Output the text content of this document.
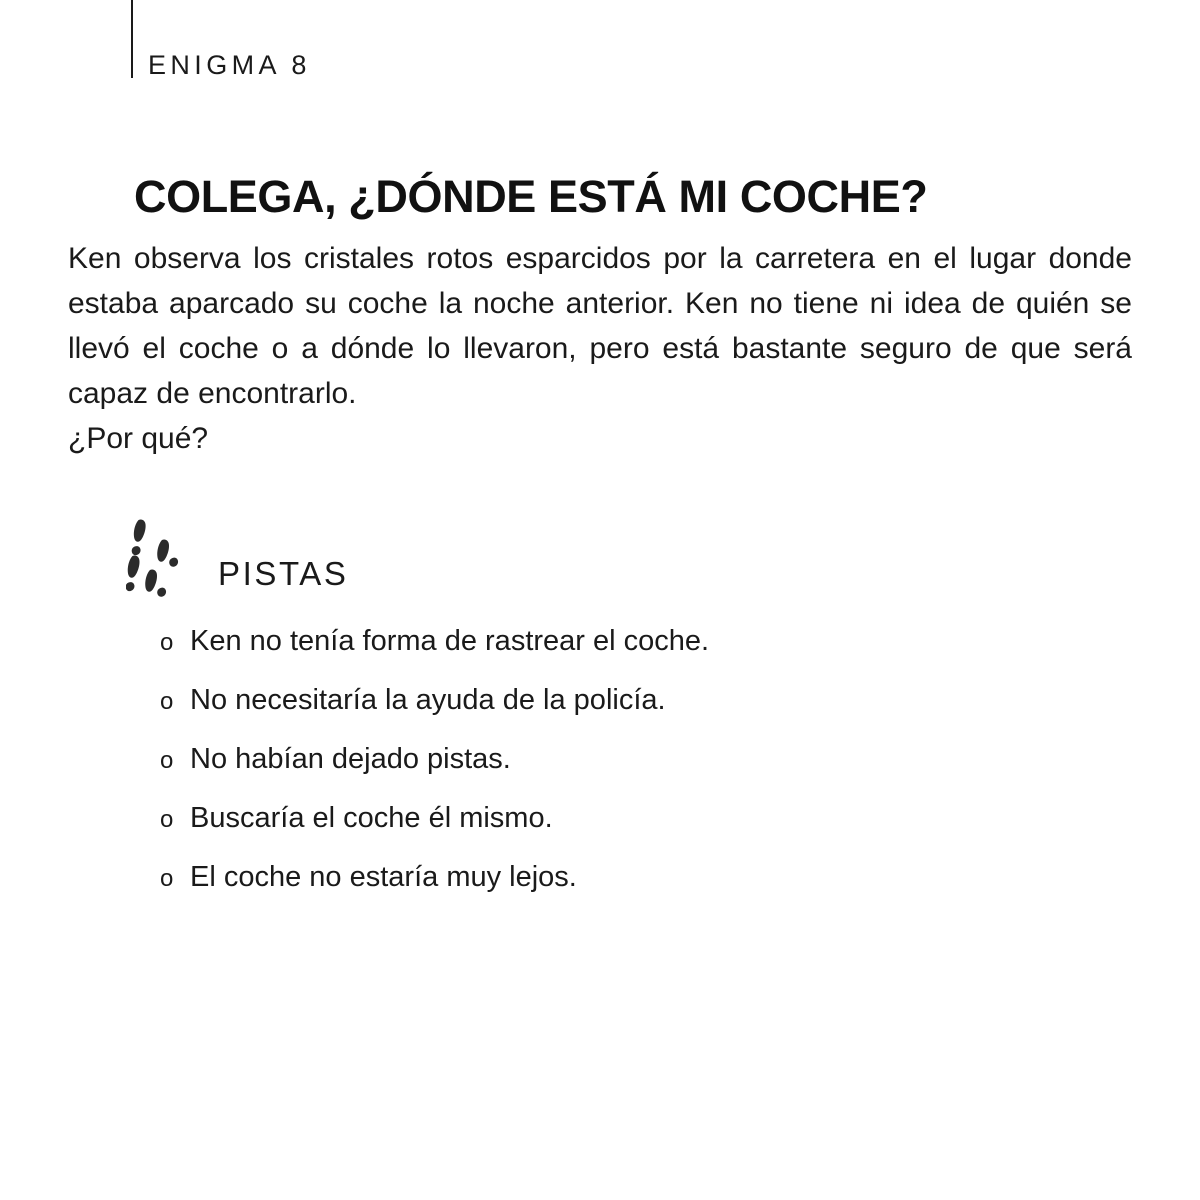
ENIGMA 8
COLEGA, ¿DÓNDE ESTÁ MI COCHE?

Ken observa los cristales rotos esparcidos por la carretera en el lugar donde estaba aparcado su coche la noche anterior. Ken no tiene ni idea de quién se llevó el coche o a dónde lo llevaron, pero está bastante seguro de que será capaz de encontrarlo.

¿Por qué?

PISTAS
o Ken no tenía forma de rastrear el coche.
o No necesitaría la ayuda de la policía.
o No habían dejado pistas.
o Buscaría el coche él mismo.
o El coche no estaría muy lejos.
